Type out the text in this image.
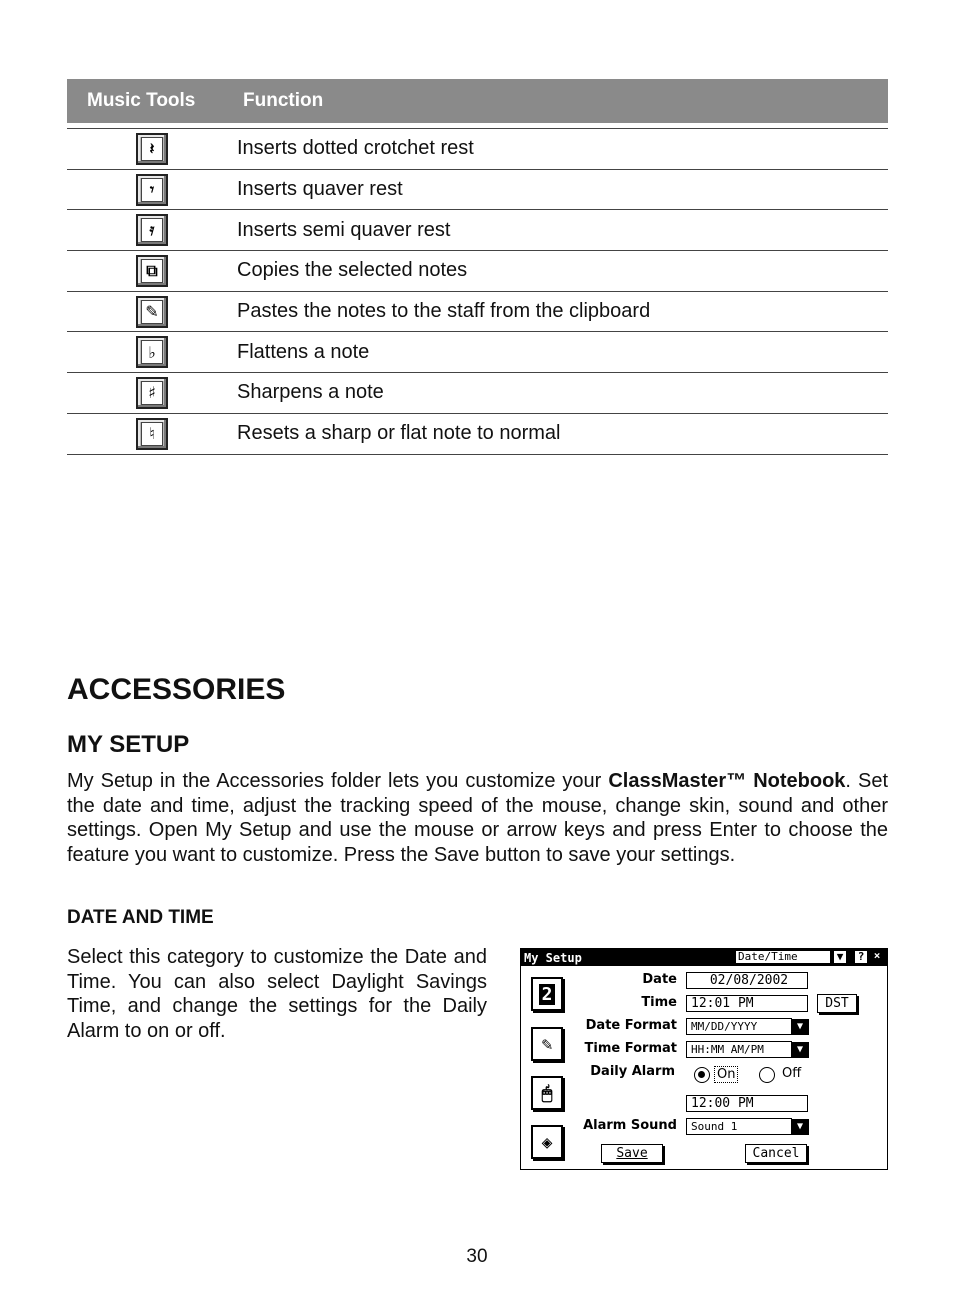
Music Tools	Function
𝄽	Inserts dotted crotchet rest
𝄾	Inserts quaver rest
𝄿	Inserts semi quaver rest
⧉	Copies the selected notes
✎	Pastes the notes to the staff from the clipboard
♭	Flattens a note
♯	Sharpens a note
♮	Resets a sharp or flat note to normal
ACCESSORIES
MY SETUP
My Setup in the Accessories folder lets you customize your ClassMaster™ Notebook. Set the date and time, adjust the tracking speed of the mouse, change skin, sound and other settings. Open My Setup and use the mouse or arrow keys and press Enter to choose the feature you want to customize. Press the Save button to save your settings.
DATE AND TIME
Select this category to customize the Date and Time. You can also select Daylight Savings Time, and change the settings for the Daily Alarm to on or off.
My Setup	Date/Time	▼	? ×
2
✎
🖱
◈
Date	02/08/2002
Time	12:01 PM	DST
Date Format	MM/DD/YYYY	▼
Time Format	HH:MM AM/PM	▼
Daily Alarm	On	Off
12:00 PM
Alarm Sound	Sound 1	▼
Save	Cancel
30
